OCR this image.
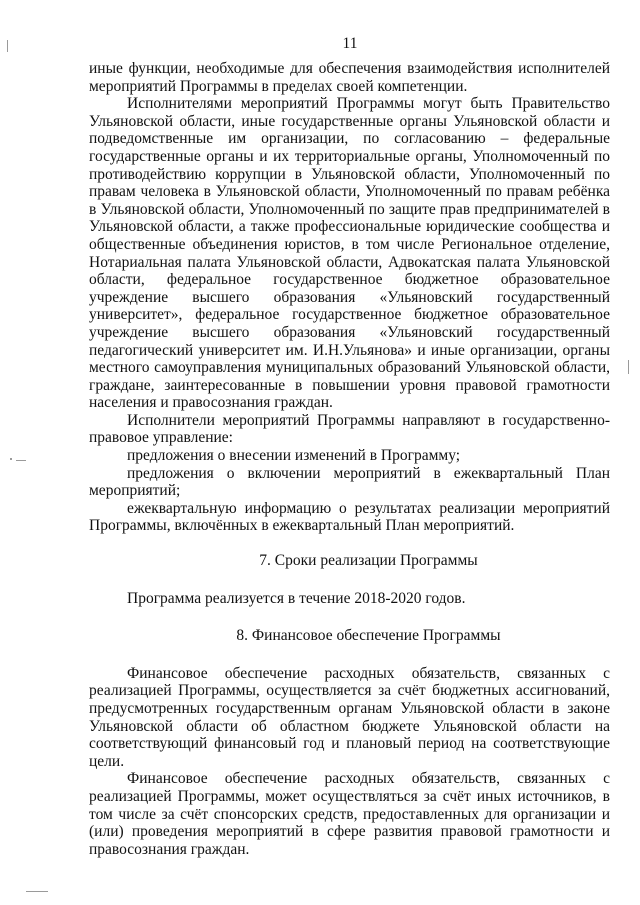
11

иные функции, необходимые для обеспечения взаимодействия исполнителей мероприятий Программы в пределах своей компетенции.

Исполнителями мероприятий Программы могут быть Правительство Ульяновской области, иные государственные органы Ульяновской области и подведомственные им организации, по согласованию – федеральные государственные органы и их территориальные органы, Уполномоченный по противодействию коррупции в Ульяновской области, Уполномоченный по правам человека в Ульяновской области, Уполномоченный по правам ребёнка в Ульяновской области, Уполномоченный по защите прав предпринимателей в Ульяновской области, а также профессиональные юридические сообщества и общественные объединения юристов, в том числе Региональное отделение, Нотариальная палата Ульяновской области, Адвокатская палата Ульяновской области, федеральное государственное бюджетное образовательное учреждение высшего образования «Ульяновский государственный университет», федеральное государственное бюджетное образовательное учреждение высшего образования «Ульяновский государственный педагогический университет им. И.Н.Ульянова» и иные организации, органы местного самоуправления муниципальных образований Ульяновской области, граждане, заинтересованные в повышении уровня правовой грамотности населения и правосознания граждан.

Исполнители мероприятий Программы направляют в государственно-правовое управление:

предложения о внесении изменений в Программу;

предложения о включении мероприятий в ежеквартальный План мероприятий;

ежеквартальную информацию о результатах реализации мероприятий Программы, включённых в ежеквартальный План мероприятий.

7. Сроки реализации Программы

Программа реализуется в течение 2018-2020 годов.

8. Финансовое обеспечение Программы

Финансовое обеспечение расходных обязательств, связанных с реализацией Программы, осуществляется за счёт бюджетных ассигнований, предусмотренных государственным органам Ульяновской области в законе Ульяновской области об областном бюджете Ульяновской области на соответствующий финансовый год и плановый период на соответствующие цели.

Финансовое обеспечение расходных обязательств, связанных с реализацией Программы, может осуществляться за счёт иных источников, в том числе за счёт спонсорских средств, предоставленных для организации и (или) проведения мероприятий в сфере развития правовой грамотности и правосознания граждан.
